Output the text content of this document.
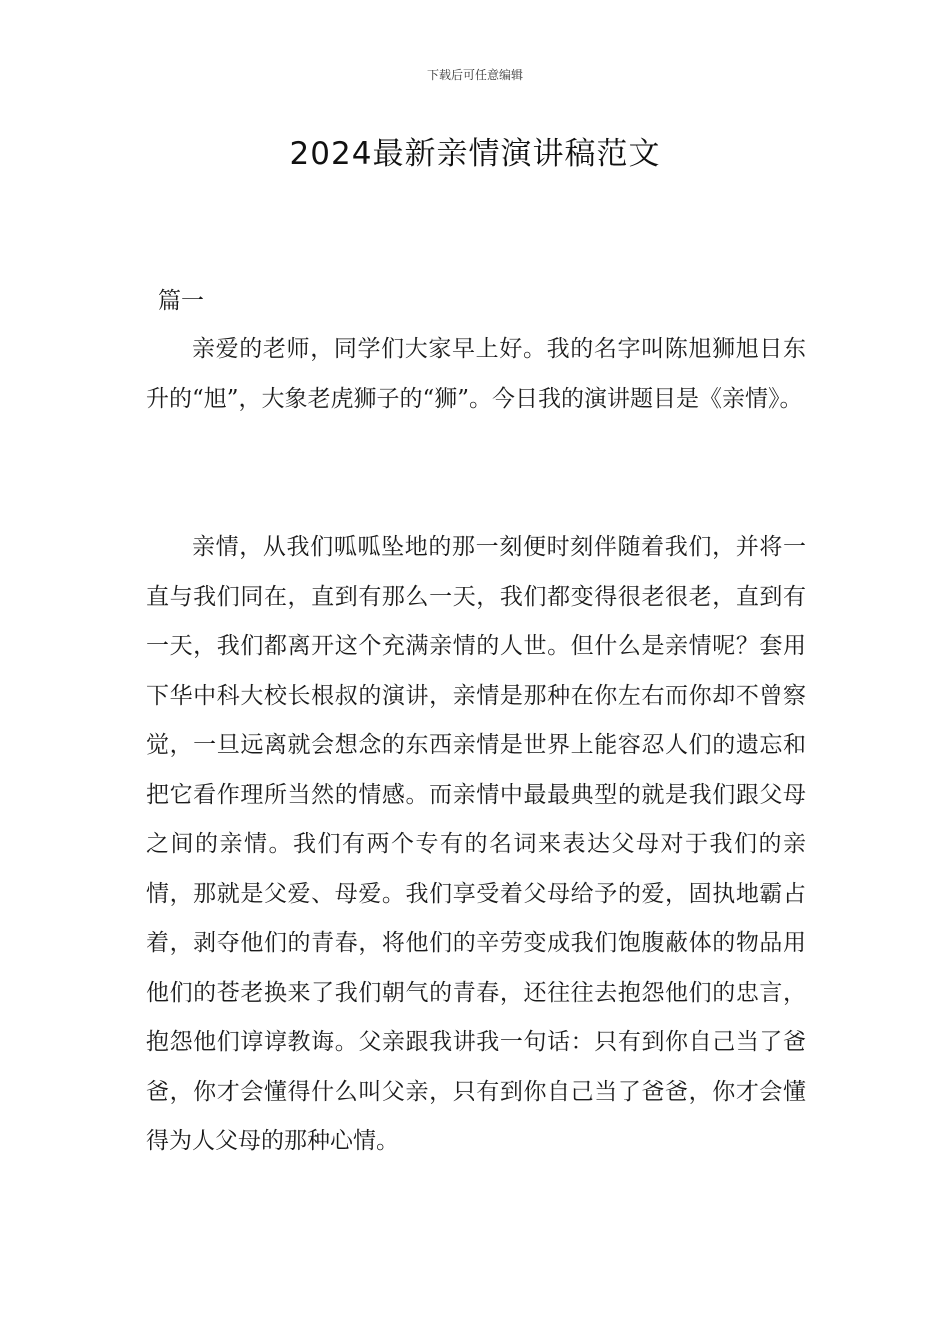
下载后可任意编辑
2024最新亲情演讲稿范文
篇一

亲爱的老师，同学们大家早上好。我的名字叫陈旭狮旭日东升的“旭”，大象老虎狮子的“狮”。今日我的演讲题目是《亲情》。

亲情，从我们呱呱坠地的那一刻便时刻伴随着我们，并将一直与我们同在，直到有那么一天，我们都变得很老很老，直到有一天，我们都离开这个充满亲情的人世。但什么是亲情呢？套用下华中科大校长根叔的演讲，亲情是那种在你左右而你却不曾察觉，一旦远离就会想念的东西亲情是世界上能容忍人们的遗忘和把它看作理所当然的情感。而亲情中最最典型的就是我们跟父母之间的亲情。我们有两个专有的名词来表达父母对于我们的亲情，那就是父爱、母爱。我们享受着父母给予的爱，固执地霸占着，剥夺他们的青春，将他们的辛劳变成我们饱腹蔽体的物品用他们的苍老换来了我们朝气的青春，还往往去抱怨他们的忠言，抱怨他们谆谆教诲。父亲跟我讲我一句话：只有到你自己当了爸爸，你才会懂得什么叫父亲，只有到你自己当了爸爸，你才会懂得为人父母的那种心情。
